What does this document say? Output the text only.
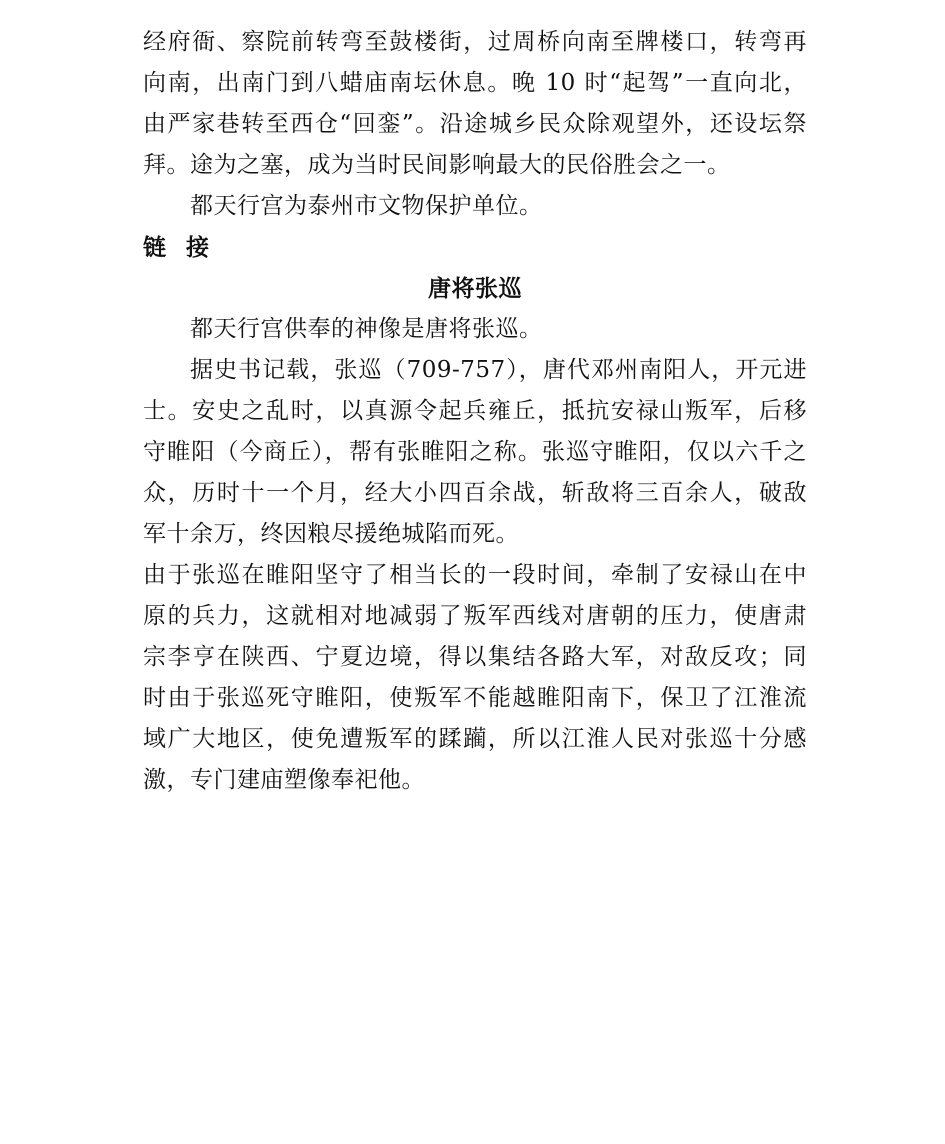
经府衙、察院前转弯至鼓楼街，过周桥向南至牌楼口，转弯再
向南，出南门到八蜡庙南坛休息。晚 10 时“起驾”一直向北，
由严家巷转至西仓“回銮”。沿途城乡民众除观望外，还设坛祭
拜。途为之塞，成为当时民间影响最大的民俗胜会之一。
都天行宫为泰州市文物保护单位。
链 接
唐将张巡
都天行宫供奉的神像是唐将张巡。
据史书记载，张巡（709-757），唐代邓州南阳人，开元进
士。安史之乱时，以真源令起兵雍丘，抵抗安禄山叛军，后移
守睢阳（今商丘），帮有张睢阳之称。张巡守睢阳，仅以六千之
众，历时十一个月，经大小四百余战，斩敌将三百余人，破敌
军十余万，终因粮尽援绝城陷而死。
由于张巡在睢阳坚守了相当长的一段时间，牵制了安禄山在中
原的兵力，这就相对地减弱了叛军西线对唐朝的压力，使唐肃
宗李亨在陕西、宁夏边境，得以集结各路大军，对敌反攻；同
时由于张巡死守睢阳，使叛军不能越睢阳南下，保卫了江淮流
域广大地区，使免遭叛军的蹂躏，所以江淮人民对张巡十分感
激，专门建庙塑像奉祀他。
